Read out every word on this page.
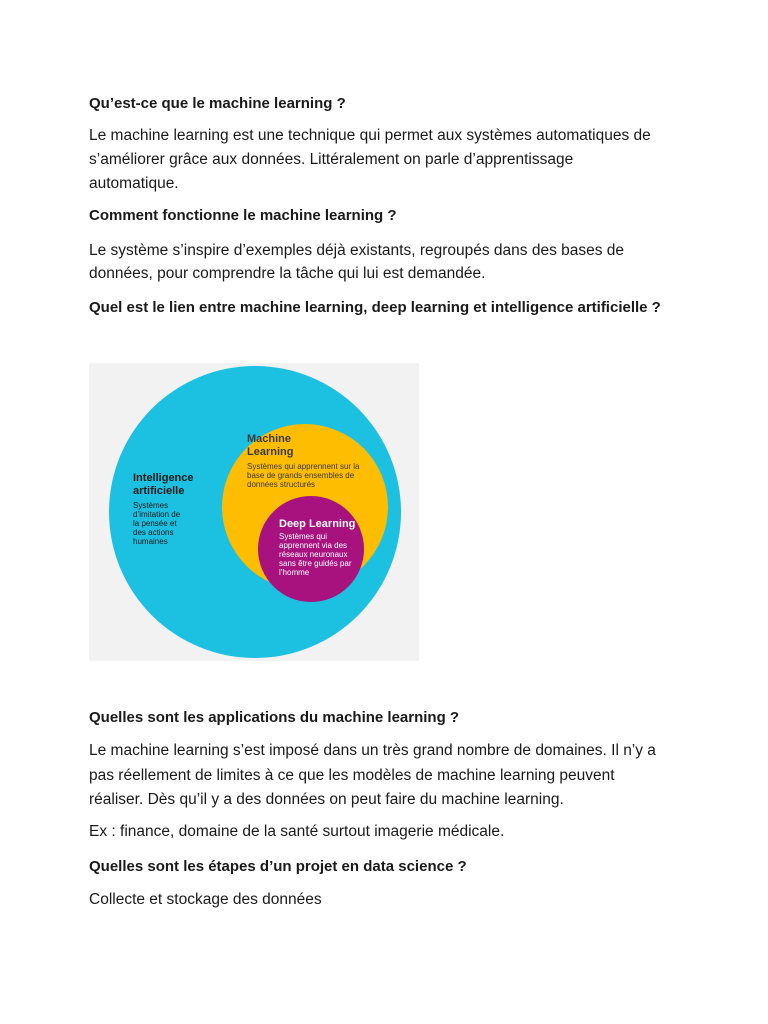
Qu’est-ce que le machine learning ?
Le machine learning est une technique qui permet aux systèmes automatiques de
s’améliorer grâce aux données. Littéralement on parle d’apprentissage
automatique.
Comment fonctionne le machine learning ?
Le système s’inspire d’exemples déjà existants, regroupés dans des bases de
données, pour comprendre la tâche qui lui est demandée.
Quel est le lien entre machine learning, deep learning et intelligence artificielle ?
Quelles sont les applications du machine learning ?
Le machine learning s’est imposé dans un très grand nombre de domaines. Il n’y a
pas réellement de limites à ce que les modèles de machine learning peuvent
réaliser. Dès qu’il y a des données on peut faire du machine learning.
Ex : finance, domaine de la santé surtout imagerie médicale.
Quelles sont les étapes d’un projet en data science ?
Collecte et stockage des données
Intelligence artificielle
Systèmes d’imitation de la pensée et des actions humaines
Machine Learning
Systèmes qui apprennent sur la base de grands ensembles de données structurés
Deep Learning
Systèmes qui apprennent via des réseaux neuronaux sans être guidés par l’homme
